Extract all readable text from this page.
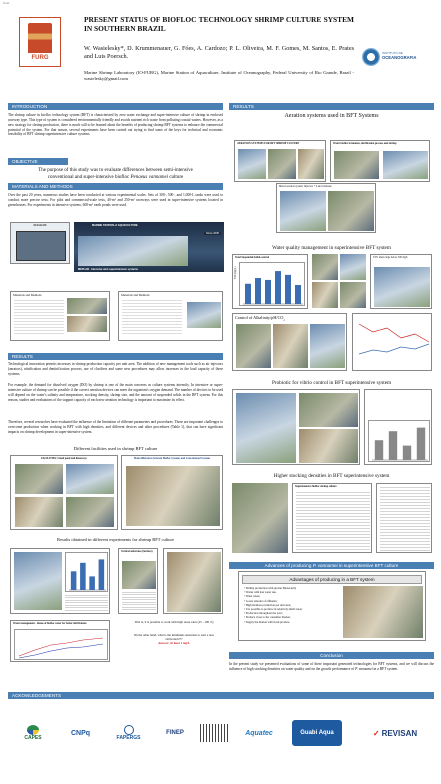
Poster
FURG
PRESENT STATUS OF BIOFLOC TECHNOLOGY SHRIMP CULTURE SYSTEM IN SOUTHERN BRAZIL
W. Wasielesky*, D. Krummenauer, G. Fóes, A. Cardozo; P. L. Oliveira, M. F. Gomes, M. Santos, E. Prates and Luis Poersch.
Marine Shrimp Laboratory (IO-FURG), Marine Station of Aquaculture, Institute of Oceanography, Federal University of Rio Grande, Brazil - wasielesky@gmail.com
INSTITUTO DE
OCEANOGRAFIA
INTRODUCTION
The shrimp culture in biofloc technology system (BFT) is characterized by zero water exchange and super-intensive culture of shrimp in enclosed raceway type. This type of system is considered environmentally friendly and avoids nutrient rich waste from polluting coastal waters. However, as a new strategy for shrimp production, there is much still to be learned about the benefits of producing shrimp BFT systems to enhance the commercial potential of the system. For that reason, several experiments have been carried out trying to find some of the keys for technical and economic feasibility of BFT shrimp superintensive culture systems.
OBJECTIVE
The purpose of this study was to evaluate differences between semi-intensive
conventional and super-intensive biofloc Penaeus vannamei culture
MATERIALS AND METHODS
Over the past 20 years, numerous studies have been conducted at various experimental scales. Sets of 300-, 500-, and 1,000-L tanks were used to conduct more precise tests. For pilot and commercial-scale tests, 40-m² and 250-m² raceways were used in super-intensive systems located in greenhouses. For experiments in intensive systems, 600-m² earth ponds were used.
DIAGRAM	MARINE STATION of AQUACULTURE
Since 2005
MEPLAB - Intensive and superintensive systems
Materials and Methods	Materials and Methods
RESULTS
Technological innovation permits increases in shrimp production capacity per unit area. The addition of new management tools such as air injectors (aerators), nitrification and denitrification process, use of clarifiers and some new procedures may allow increases in the load capacity of these systems.
For example, the demand for dissolved oxygen (DO) by shrimp is one of the main concerns as culture systems intensify. In intensive or super-intensive culture of shrimp can be possible if the correct aeration devices can meet the organism's oxygen demand. The number of devices to be used will depend on the water's salinity and temperature, stocking density, shrimp size, and the amount of suspended solids in the BFT system. For this reason, studies and evaluations of the support capacity of each new aeration technology is important to maximize its effect.
Therefore, several researches have evaluated the influence of the limitation of different parameters and procedures. These are important challenges to overcome production when working in BFT with high densities, and different devices and other procedures (Table 1), that can have significant impacts on shrimp development in super-intensive system.
Different facilities used in shrimp BFT culture
FACILITIES: Lined pond and Raceways	Main differences between Biofloc Systems and Conventional Systems
Results obtained in different experiments for shrimp BFT culture
Vertical substrates (Surface)
Water management - Reuse of biofloc water for better nitrification	That is, it is possible to work with high reuse rates (25 - 100 %)
On the other hand, what is the minimum saturation to start a new cultivation???
Answer: At least 1 mg/L
RESULTS
Aeration systems used in BFT Systems
AERATION SYSTEMS FOR BFT SHRIMP CULTURE	Water biofloc formation, nitrification process and shrimp
Mixed aeration system: Injectors + 2 and venturies
Water quality management in superintensive BFT system
Total Suspended Solids control
TSS (mg/L)
TSS: ideal range below 500 mg/L
Control of Alkalinity/$pH/CO_2$
Probiotic for vibrio control in BFT superintensive system
Higher stocking densities in BFT superintensive system
Superintensive biofloc shrimp culture
Advances of producing P. vannamei in superintensive BFT culture
Advantages of producing in a BFT system
• Shrimp production with greater Biosecurity
• Works with less water use,
• Water reuse;
• Lower amount of effluents;
• High biomass production per unit area;
• It is possible to produce in relatively small areas;
• Production throughout the year;
• Produce close to the consumer market,
• Supply the market with fresh produce.
Conclusion
In the present study we presented evaluations of some of these important generated technologies for BFT systems, and we will discuss the influence of high stocking densities on water quality and on the growth performance of P. vannamei in a BFT system.
ACKOWLEDGEMENTS
CAPES
CNPq
FAPERGS
FINEP	Aquatec	Guabi Aqua	✓ REVISAN
